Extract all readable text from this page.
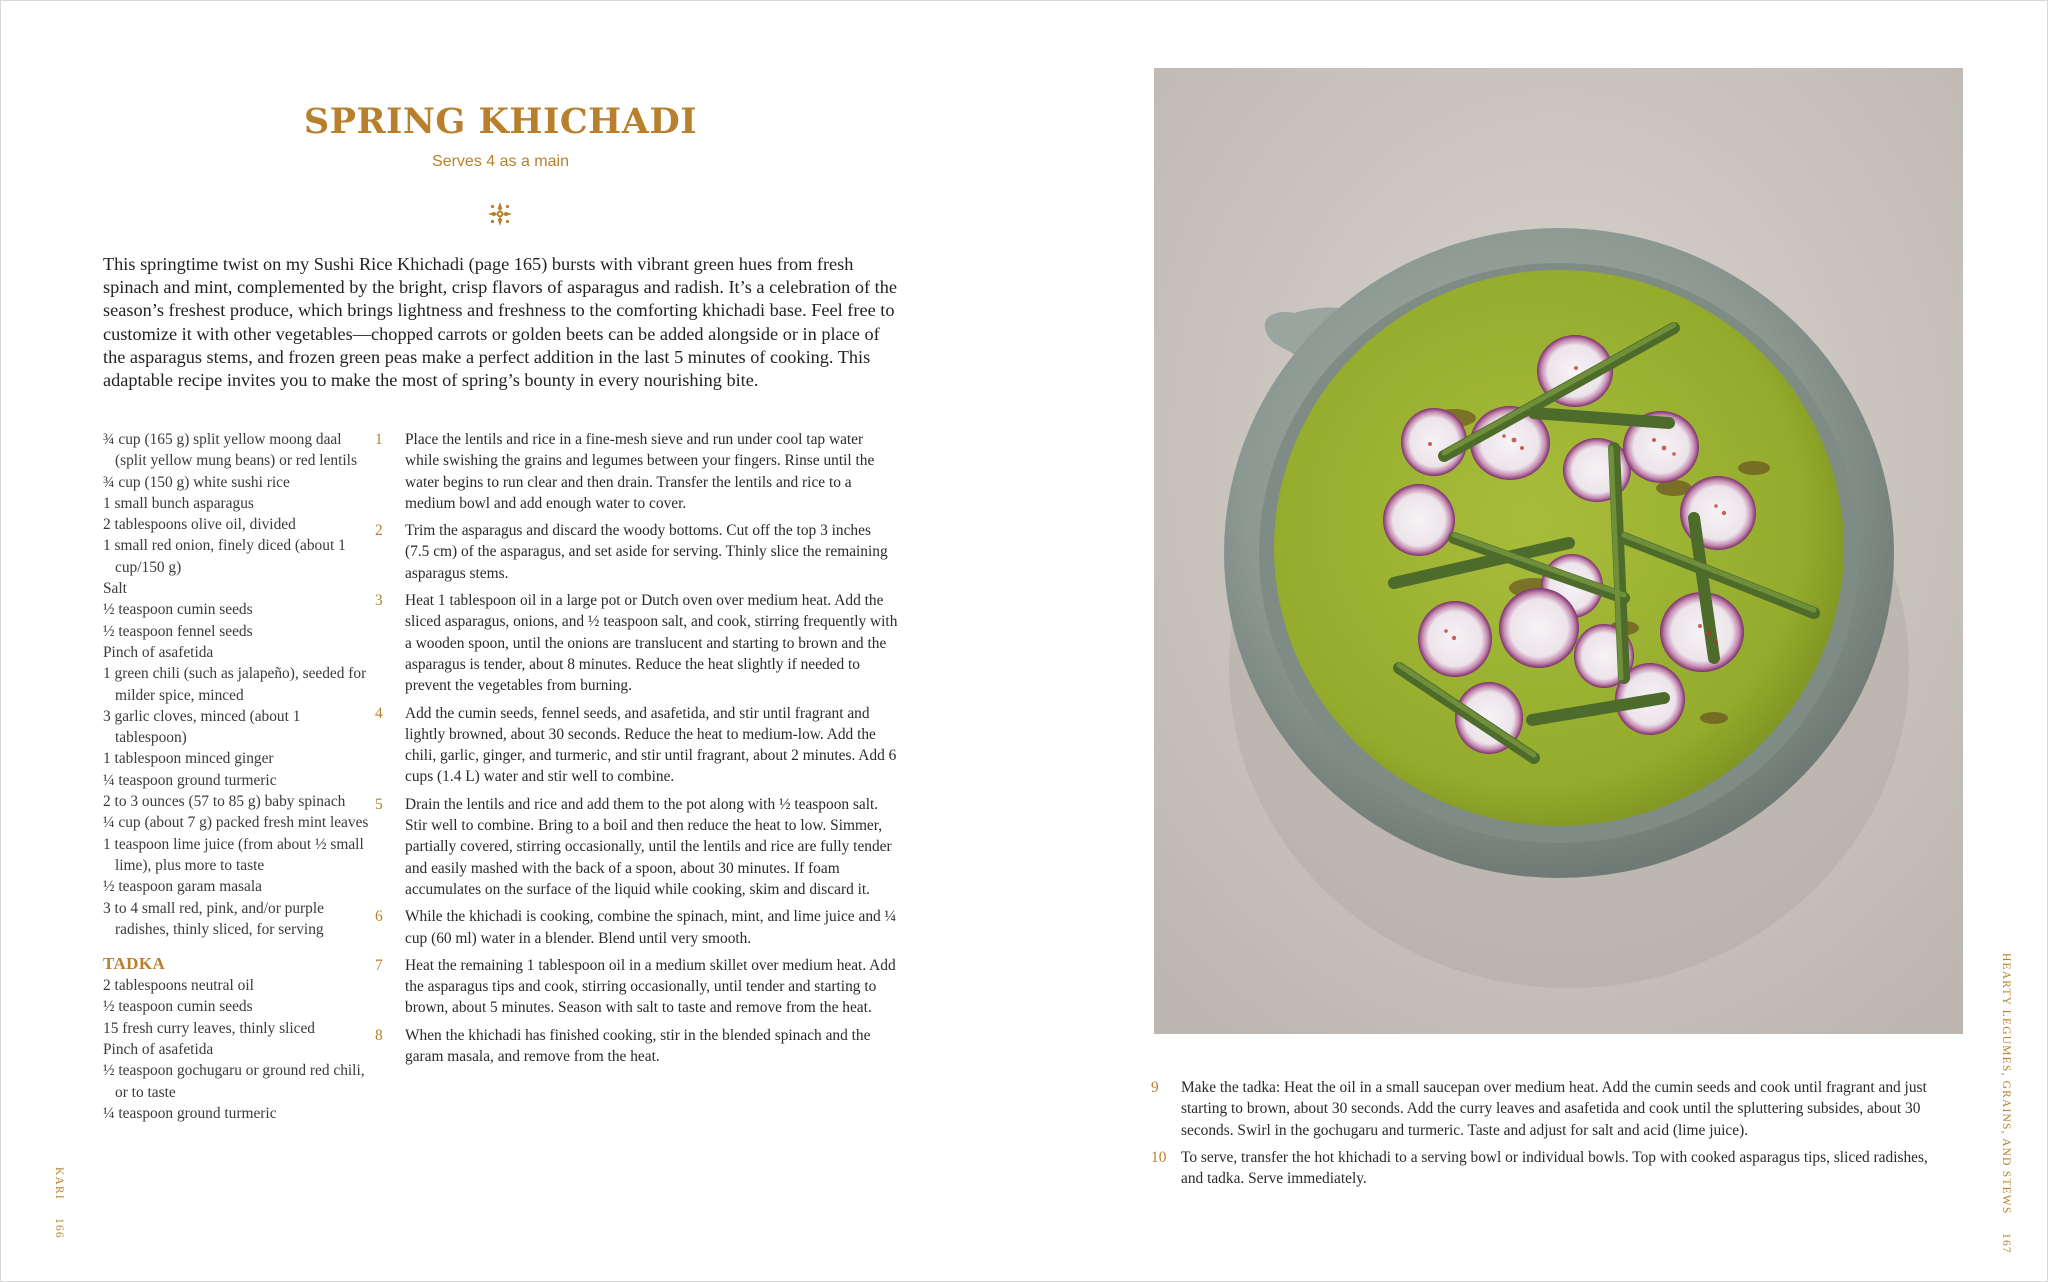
SPRING KHICHADI
Serves 4 as a main

This springtime twist on my Sushi Rice Khichadi (page 165) bursts with vibrant green hues from fresh spinach and mint, complemented by the bright, crisp flavors of asparagus and radish. It’s a celebration of the season’s freshest produce, which brings lightness and freshness to the comforting khichadi base. Feel free to customize it with other vegetables—chopped carrots or golden beets can be added alongside or in place of the asparagus stems, and frozen green peas make a perfect addition in the last 5 minutes of cooking. This adaptable recipe invites you to make the most of spring’s bounty in every nourishing bite.

¾ cup (165 g) split yellow moong daal (split yellow mung beans) or red lentils
¾ cup (150 g) white sushi rice
1 small bunch asparagus
2 tablespoons olive oil, divided
1 small red onion, finely diced (about 1 cup/150 g)
Salt
½ teaspoon cumin seeds
½ teaspoon fennel seeds
Pinch of asafetida
1 green chili (such as jalapeño), seeded for milder spice, minced
3 garlic cloves, minced (about 1 tablespoon)
1 tablespoon minced ginger
¼ teaspoon ground turmeric
2 to 3 ounces (57 to 85 g) baby spinach
¼ cup (about 7 g) packed fresh mint leaves
1 teaspoon lime juice (from about ½ small lime), plus more to taste
½ teaspoon garam masala
3 to 4 small red, pink, and/or purple radishes, thinly sliced, for serving
TADKA
2 tablespoons neutral oil
½ teaspoon cumin seeds
15 fresh curry leaves, thinly sliced
Pinch of asafetida
½ teaspoon gochugaru or ground red chili, or to taste
¼ teaspoon ground turmeric
1 Place the lentils and rice in a fine-mesh sieve and run under cool tap water while swishing the grains and legumes between your fingers. Rinse until the water begins to run clear and then drain. Transfer the lentils and rice to a medium bowl and add enough water to cover.
2 Trim the asparagus and discard the woody bottoms. Cut off the top 3 inches (7.5 cm) of the asparagus, and set aside for serving. Thinly slice the remaining asparagus stems.
3 Heat 1 tablespoon oil in a large pot or Dutch oven over medium heat. Add the sliced asparagus, onions, and ½ teaspoon salt, and cook, stirring frequently with a wooden spoon, until the onions are translucent and starting to brown and the asparagus is tender, about 8 minutes. Reduce the heat slightly if needed to prevent the vegetables from burning.
4 Add the cumin seeds, fennel seeds, and asafetida, and stir until fragrant and lightly browned, about 30 seconds. Reduce the heat to medium-low. Add the chili, garlic, ginger, and turmeric, and stir until fragrant, about 2 minutes. Add 6 cups (1.4 L) water and stir well to combine.
5 Drain the lentils and rice and add them to the pot along with ½ teaspoon salt. Stir well to combine. Bring to a boil and then reduce the heat to low. Simmer, partially covered, stirring occasionally, until the lentils and rice are fully tender and easily mashed with the back of a spoon, about 30 minutes. If foam accumulates on the surface of the liquid while cooking, skim and discard it.
6 While the khichadi is cooking, combine the spinach, mint, and lime juice and ¼ cup (60 ml) water in a blender. Blend until very smooth.
7 Heat the remaining 1 tablespoon oil in a medium skillet over medium heat. Add the asparagus tips and cook, stirring occasionally, until tender and starting to brown, about 5 minutes. Season with salt to taste and remove from the heat.
8 When the khichadi has finished cooking, stir in the blended spinach and the garam masala, and remove from the heat.
9 Make the tadka: Heat the oil in a small saucepan over medium heat. Add the cumin seeds and cook until fragrant and just starting to brown, about 30 seconds. Add the curry leaves and asafetida and cook until the spluttering subsides, about 30 seconds. Swirl in the gochugaru and turmeric. Taste and adjust for salt and acid (lime juice).
10 To serve, transfer the hot khichadi to a serving bowl or individual bowls. Top with cooked asparagus tips, sliced radishes, and tadka. Serve immediately.
KARI 166
HEARTY LEGUMES, GRAINS, AND STEWS 167
